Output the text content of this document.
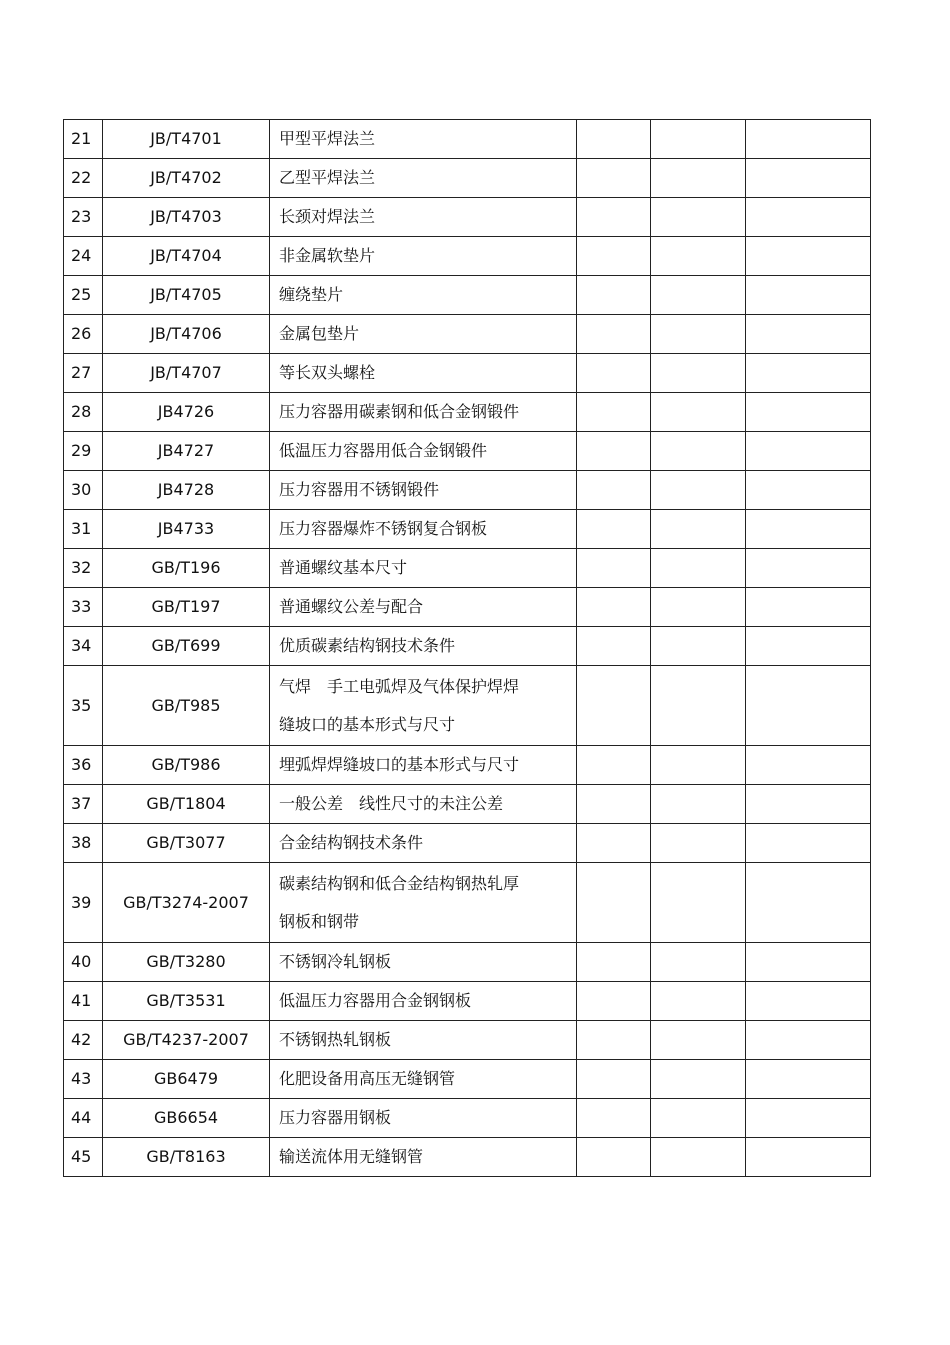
21	JB/T4701	甲型平焊法兰			

22	JB/T4702	乙型平焊法兰			

23	JB/T4703	长颈对焊法兰			

24	JB/T4704	非金属软垫片			

25	JB/T4705	缠绕垫片			

26	JB/T4706	金属包垫片			

27	JB/T4707	等长双头螺栓			

28	JB4726	压力容器用碳素钢和低合金钢锻件			

29	JB4727	低温压力容器用低合金钢锻件			

30	JB4728	压力容器用不锈钢锻件			

31	JB4733	压力容器爆炸不锈钢复合钢板			

32	GB/T196	普通螺纹基本尺寸			

33	GB/T197	普通螺纹公差与配合			

34	GB/T699	优质碳素结构钢技术条件			

35	GB/T985	气焊　手工电弧焊及气体保护焊焊
缝坡口的基本形式与尺寸			

36	GB/T986	埋弧焊焊缝坡口的基本形式与尺寸			

37	GB/T1804	一般公差　线性尺寸的未注公差			

38	GB/T3077	合金结构钢技术条件			

39	GB/T3274-2007	碳素结构钢和低合金结构钢热轧厚
钢板和钢带			

40	GB/T3280	不锈钢冷轧钢板			

41	GB/T3531	低温压力容器用合金钢钢板			

42	GB/T4237-2007	不锈钢热轧钢板			

43	GB6479	化肥设备用高压无缝钢管			

44	GB6654	压力容器用钢板			

45	GB/T8163	输送流体用无缝钢管			
